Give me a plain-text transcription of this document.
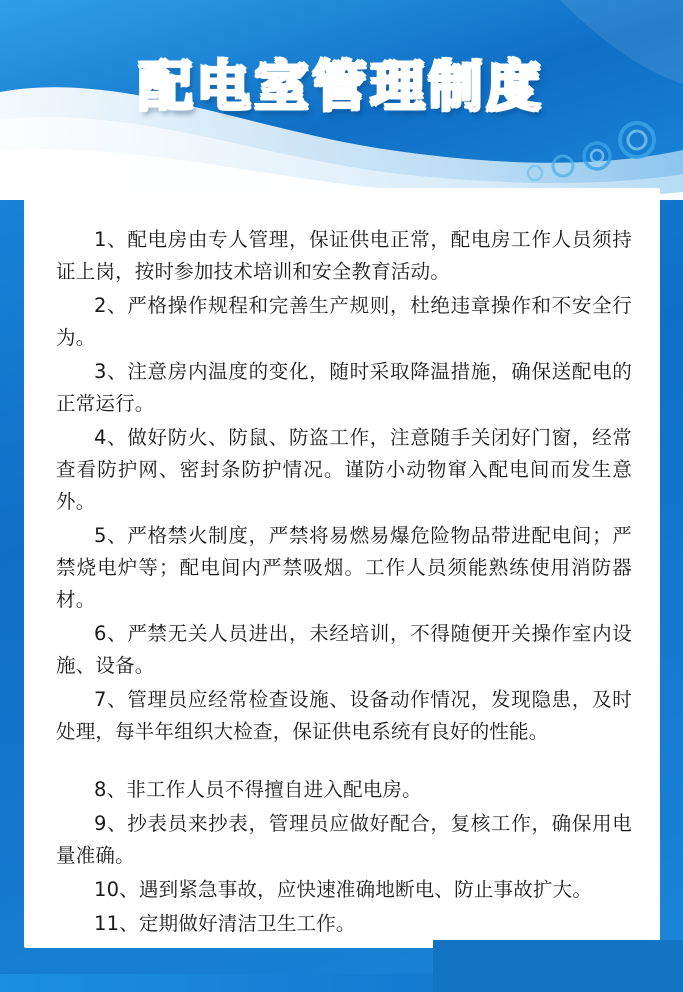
配电室管理制度

1、配电房由专人管理，保证供电正常，配电房工作人员须持证上岗，按时参加技术培训和安全教育活动。

2、严格操作规程和完善生产规则，杜绝违章操作和不安全行为。

3、注意房内温度的变化，随时采取降温措施，确保送配电的正常运行。

4、做好防火、防鼠、防盗工作，注意随手关闭好门窗，经常查看防护网、密封条防护情况。谨防小动物窜入配电间而发生意外。

5、严格禁火制度，严禁将易燃易爆危险物品带进配电间；严禁烧电炉等；配电间内严禁吸烟。工作人员须能熟练使用消防器材。

6、严禁无关人员进出，未经培训，不得随便开关操作室内设施、设备。

7、管理员应经常检查设施、设备动作情况，发现隐患，及时处理，每半年组织大检查，保证供电系统有良好的性能。

8、非工作人员不得擅自进入配电房。

9、抄表员来抄表，管理员应做好配合，复核工作，确保用电量准确。

10、遇到紧急事故，应快速准确地断电、防止事故扩大。

11、定期做好清洁卫生工作。
